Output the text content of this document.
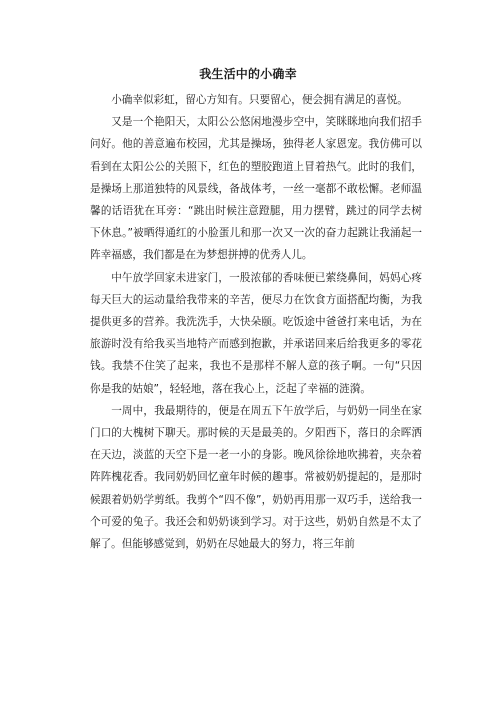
我生活中的小确幸

小确幸似彩虹，留心方知有。只要留心，便会拥有满足的喜悦。

又是一个艳阳天，太阳公公悠闲地漫步空中，笑眯眯地向我们招手问好。他的善意遍布校园，尤其是操场，独得老人家恩宠。我仿佛可以看到在太阳公公的关照下，红色的塑胶跑道上冒着热气。此时的我们，是操场上那道独特的风景线，备战体考，一丝一毫都不敢松懈。老师温馨的话语犹在耳旁：“跳出时候注意蹬腿，用力摆臂，跳过的同学去树下休息。”被晒得通红的小脸蛋儿和那一次又一次的奋力起跳让我涌起一阵幸福感，我们都是在为梦想拼搏的优秀人儿。

中午放学回家未进家门，一股浓郁的香味便已萦绕鼻间，妈妈心疼每天巨大的运动量给我带来的辛苦，便尽力在饮食方面搭配均衡，为我提供更多的营养。我洗洗手，大快朵颐。吃饭途中爸爸打来电话，为在旅游时没有给我买当地特产而感到抱歉，并承诺回来后给我更多的零花钱。我禁不住笑了起来，我也不是那样不解人意的孩子啊。一句“只因你是我的姑娘”，轻轻地，落在我心上，泛起了幸福的涟漪。

一周中，我最期待的，便是在周五下午放学后，与奶奶一同坐在家门口的大槐树下聊天。那时候的天是最美的。夕阳西下，落日的余晖洒在天边，淡蓝的天空下是一老一小的身影。晚风徐徐地吹拂着，夹杂着阵阵槐花香。我同奶奶回忆童年时候的趣事。常被奶奶提起的，是那时候跟着奶奶学剪纸。我剪个“四不像”，奶奶再用那一双巧手，送给我一个可爱的兔子。我还会和奶奶谈到学习。对于这些，奶奶自然是不太了解了。但能够感觉到，奶奶在尽她最大的努力，将三年前
